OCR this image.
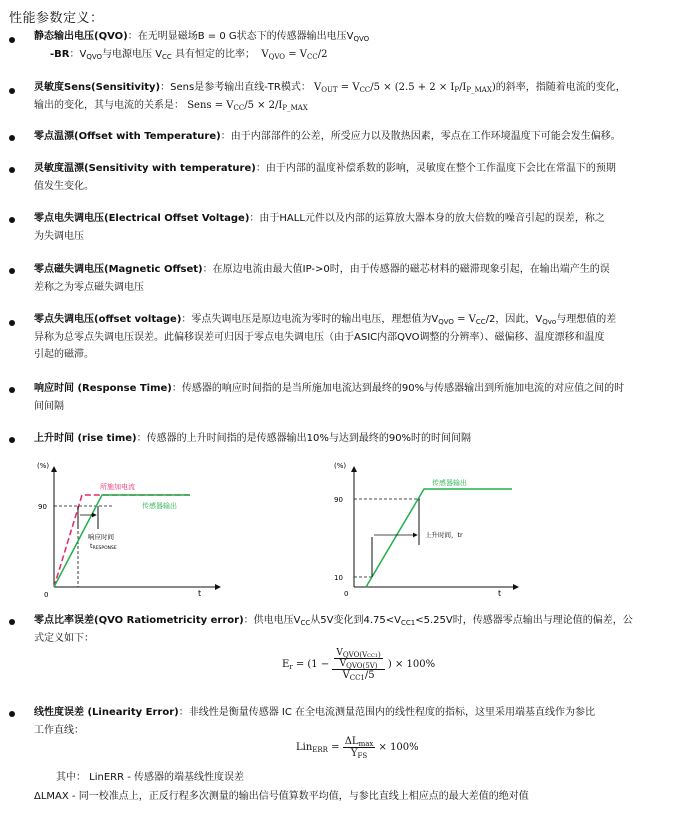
性能参数定义：
静态输出电压(QVO)：在无明显磁场B = 0 G状态下的传感器输出电压$V_{QVO}$
-BR：$V_{QVO}$与电源电压 $V_{CC}$ 具有恒定的比率； $V_{QVO} = V_{CC}/2$
灵敏度Sens(Sensitivity)：Sens是参考输出直线-TR模式： $V_{OUT} = V_{CC}/5 \times (2.5 + 2 \times I_P/I_{P\_MAX})$的斜率，指随着电流的变化，
输出的变化，其与电流的关系是： Sens = $V_{CC}/5 \times 2/I_{P\_MAX}$
零点温漂(Offset with Temperature)：由于内部部件的公差，所受应力以及散热因素，零点在工作环境温度下可能会发生偏移。
灵敏度温漂(Sensitivity with temperature)：由于内部的温度补偿系数的影响，灵敏度在整个工作温度下会比在常温下的预期
值发生变化。
零点电失调电压(Electrical Offset Voltage)：由于HALL元件以及内部的运算放大器本身的放大倍数的噪音引起的误差，称之
为失调电压
零点磁失调电压(Magnetic Offset)：在原边电流由最大值IP->0时，由于传感器的磁芯材料的磁滞现象引起，在输出端产生的误
差称之为零点磁失调电压
零点失调电压(offset voltage)：零点失调电压是原边电流为零时的输出电压，理想值为$V_{QVO} = V_{CC}/2$，因此，$V_{Qvo}$与理想值的差
异称为总零点失调电压误差。此偏移误差可归因于零点电失调电压（由于ASIC内部QVO调整的分辨率）、磁偏移、温度漂移和温度
引起的磁滞。
响应时间 (Response Time)：传感器的响应时间指的是当所施加电流达到最终的90%与传感器输出到所施加电流的对应值之间的时
间间隔
上升时间 (rise time)：传感器的上升时间指的是传感器输出10%与达到最终的90%时的时间间隔
(%)
90
0	t
所施加电流
传感器输出
响应时间
tRESPONSE
(%)
90
10
0	t
传感器输出
上升时间，tr
零点比率误差(QVO Ratiometricity error)：供电电压$V_{CC}$从5V变化到$4.75<V_{CC1}<5.25V$时，传感器零点输出与理论值的偏差，公
式定义如下：
$E_r = (1 - \frac{\frac{V_{QVO(VCC1)}}{V_{QVO(5V)}}}{V_{CC1}/5}$ ) × 100%
线性度误差 (Linearity Error)：非线性是衡量传感器 IC 在全电流测量范围内的线性程度的指标，这里采用端基直线作为参比
工作直线：
$Lin_{ERR} = \frac{\Delta L_{max}}{Y_{FS}} \times 100\%$
其中： LinERR - 传感器的端基线性度误差
ΔLMAX - 同一校准点上，正反行程多次测量的输出信号值算数平均值，与参比直线上相应点的最大差值的绝对值
